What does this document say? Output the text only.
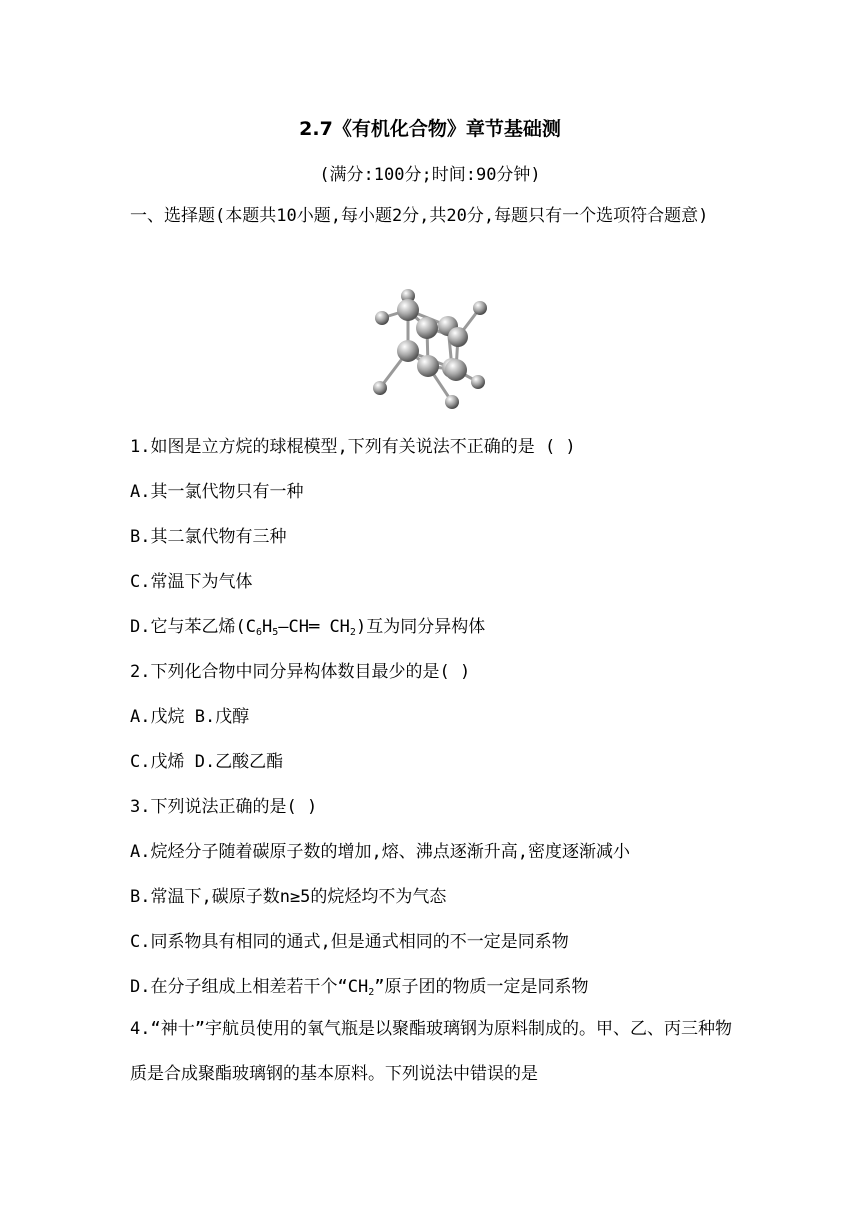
2.7《有机化合物》章节基础测
(满分:100分;时间:90分钟)
一、选择题(本题共10小题,每小题2分,共20分,每题只有一个选项符合题意)
1.如图是立方烷的球棍模型,下列有关说法不正确的是 ( )
A.其一氯代物只有一种
B.其二氯代物有三种
C.常温下为气体
D.它与苯乙烯($C_6H_5—CH═$ $CH_2$)互为同分异构体
2.下列化合物中同分异构体数目最少的是( )
A.戊烷 B.戊醇
C.戊烯 D.乙酸乙酯
3.下列说法正确的是( )
A.烷烃分子随着碳原子数的增加,熔、沸点逐渐升高,密度逐渐减小
B.常温下,碳原子数n≥5的烷烃均不为气态
C.同系物具有相同的通式,但是通式相同的不一定是同系物
D.在分子组成上相差若干个“$CH_2$”原子团的物质一定是同系物
4.“神十”宇航员使用的氧气瓶是以聚酯玻璃钢为原料制成的。甲、乙、丙三种物质是合成聚酯玻璃钢的基本原料。下列说法中错误的是
